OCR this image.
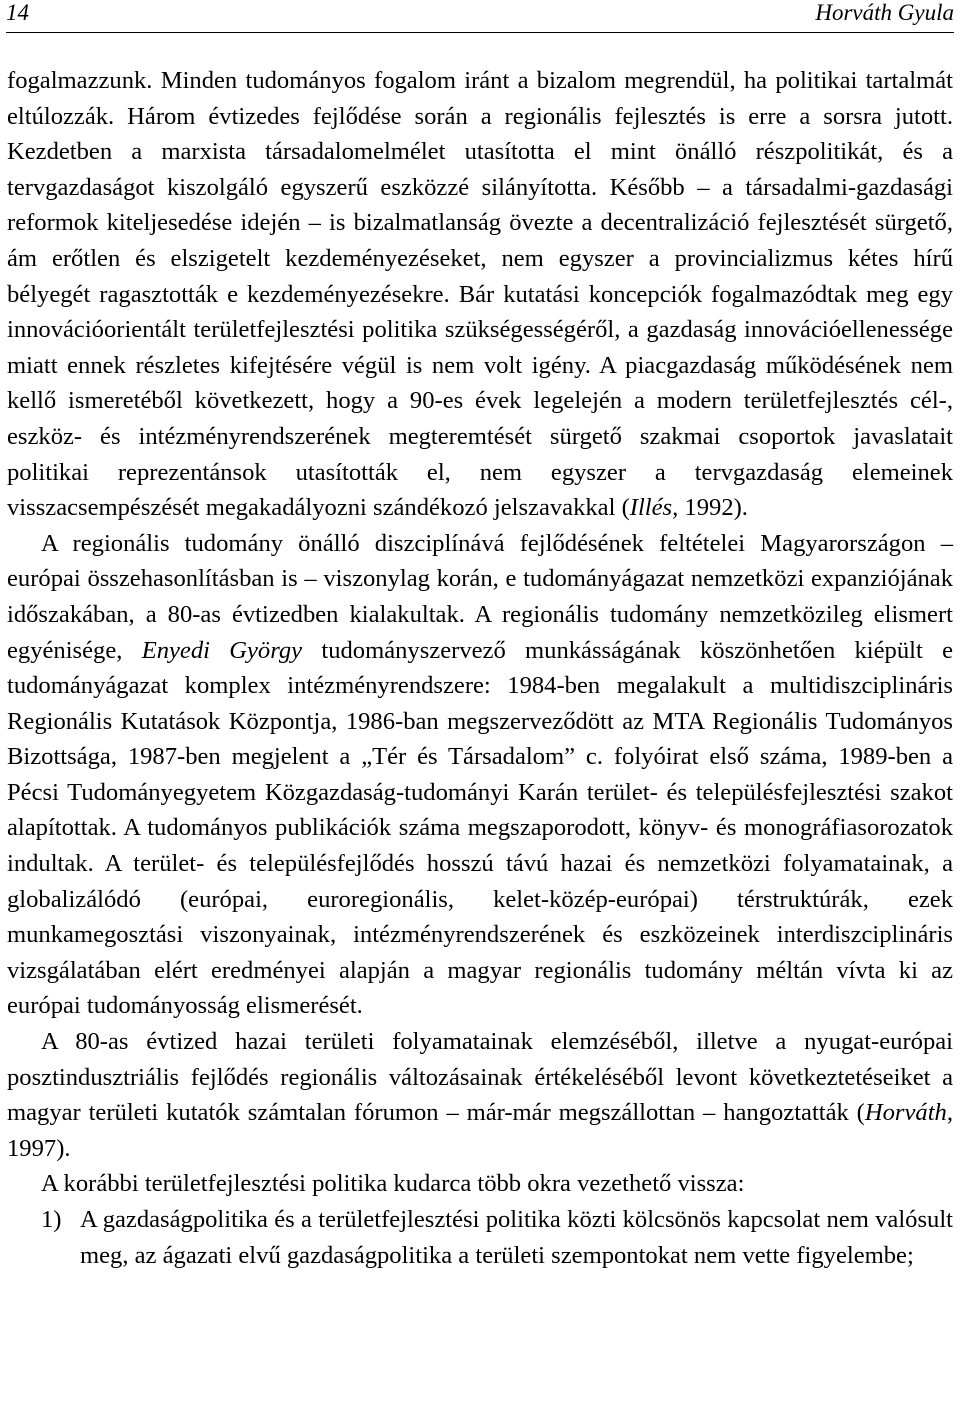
14	Horváth Gyula

fogalmazzunk. Minden tudományos fogalom iránt a bizalom megrendül, ha politikai tartalmát eltúlozzák. Három évtizedes fejlődése során a regionális fejlesztés is erre a sorsra jutott. Kezdetben a marxista társadalomelmélet utasította el mint önálló részpolitikát, és a tervgazdaságot kiszolgáló egyszerű eszközzé silányította. Később – a társadalmi-gazdasági reformok kiteljesedése idején – is bizalmatlanság övezte a decentralizáció fejlesztését sürgető, ám erőtlen és elszigetelt kezdeményezéseket, nem egyszer a provincializmus kétes hírű bélyegét ragasztották e kezdeményezésekre. Bár kutatási koncepciók fogalmazódtak meg egy innovációorientált területfejlesztési politika szükségességéről, a gazdaság innovációellenessége miatt ennek részletes kifejtésére végül is nem volt igény. A piacgazdaság működésének nem kellő ismeretéből következett, hogy a 90-es évek legelején a modern területfejlesztés cél-, eszköz- és intézményrendszerének megteremtését sürgető szakmai csoportok javaslatait politikai reprezentánsok utasították el, nem egyszer a tervgazdaság elemeinek visszacsempészését megakadályozni szándékozó jelszavakkal (Illés, 1992).

A regionális tudomány önálló diszciplínává fejlődésének feltételei Magyarországon – európai összehasonlításban is – viszonylag korán, e tudományágazat nemzetközi expanziójának időszakában, a 80-as évtizedben kialakultak. A regionális tudomány nemzetközileg elismert egyénisége, Enyedi György tudományszervező munkásságának köszönhetően kiépült e tudományágazat komplex intézményrendszere: 1984-ben megalakult a multidiszciplináris Regionális Kutatások Központja, 1986-ban megszerveződött az MTA Regionális Tudományos Bizottsága, 1987-ben megjelent a „Tér és Társadalom” c. folyóirat első száma, 1989-ben a Pécsi Tudományegyetem Közgazdaság-tudományi Karán terület- és településfejlesztési szakot alapítottak. A tudományos publikációk száma megszaporodott, könyv- és monográfiasorozatok indultak. A terület- és településfejlődés hosszú távú hazai és nemzetközi folyamatainak, a globalizálódó (európai, euroregionális, kelet-közép-európai) térstruktúrák, ezek munkamegosztási viszonyainak, intézményrendszerének és eszközeinek interdiszciplináris vizsgálatában elért eredményei alapján a magyar regionális tudomány méltán vívta ki az európai tudományosság elismerését.

A 80-as évtized hazai területi folyamatainak elemzéséből, illetve a nyugat-európai posztindusztriális fejlődés regionális változásainak értékeléséből levont következtetéseiket a magyar területi kutatók számtalan fórumon – már-már megszállottan – hangoztatták (Horváth, 1997).

A korábbi területfejlesztési politika kudarca több okra vezethető vissza:

1) A gazdaságpolitika és a területfejlesztési politika közti kölcsönös kapcsolat nem valósult meg, az ágazati elvű gazdaságpolitika a területi szempontokat nem vette figyelembe;
